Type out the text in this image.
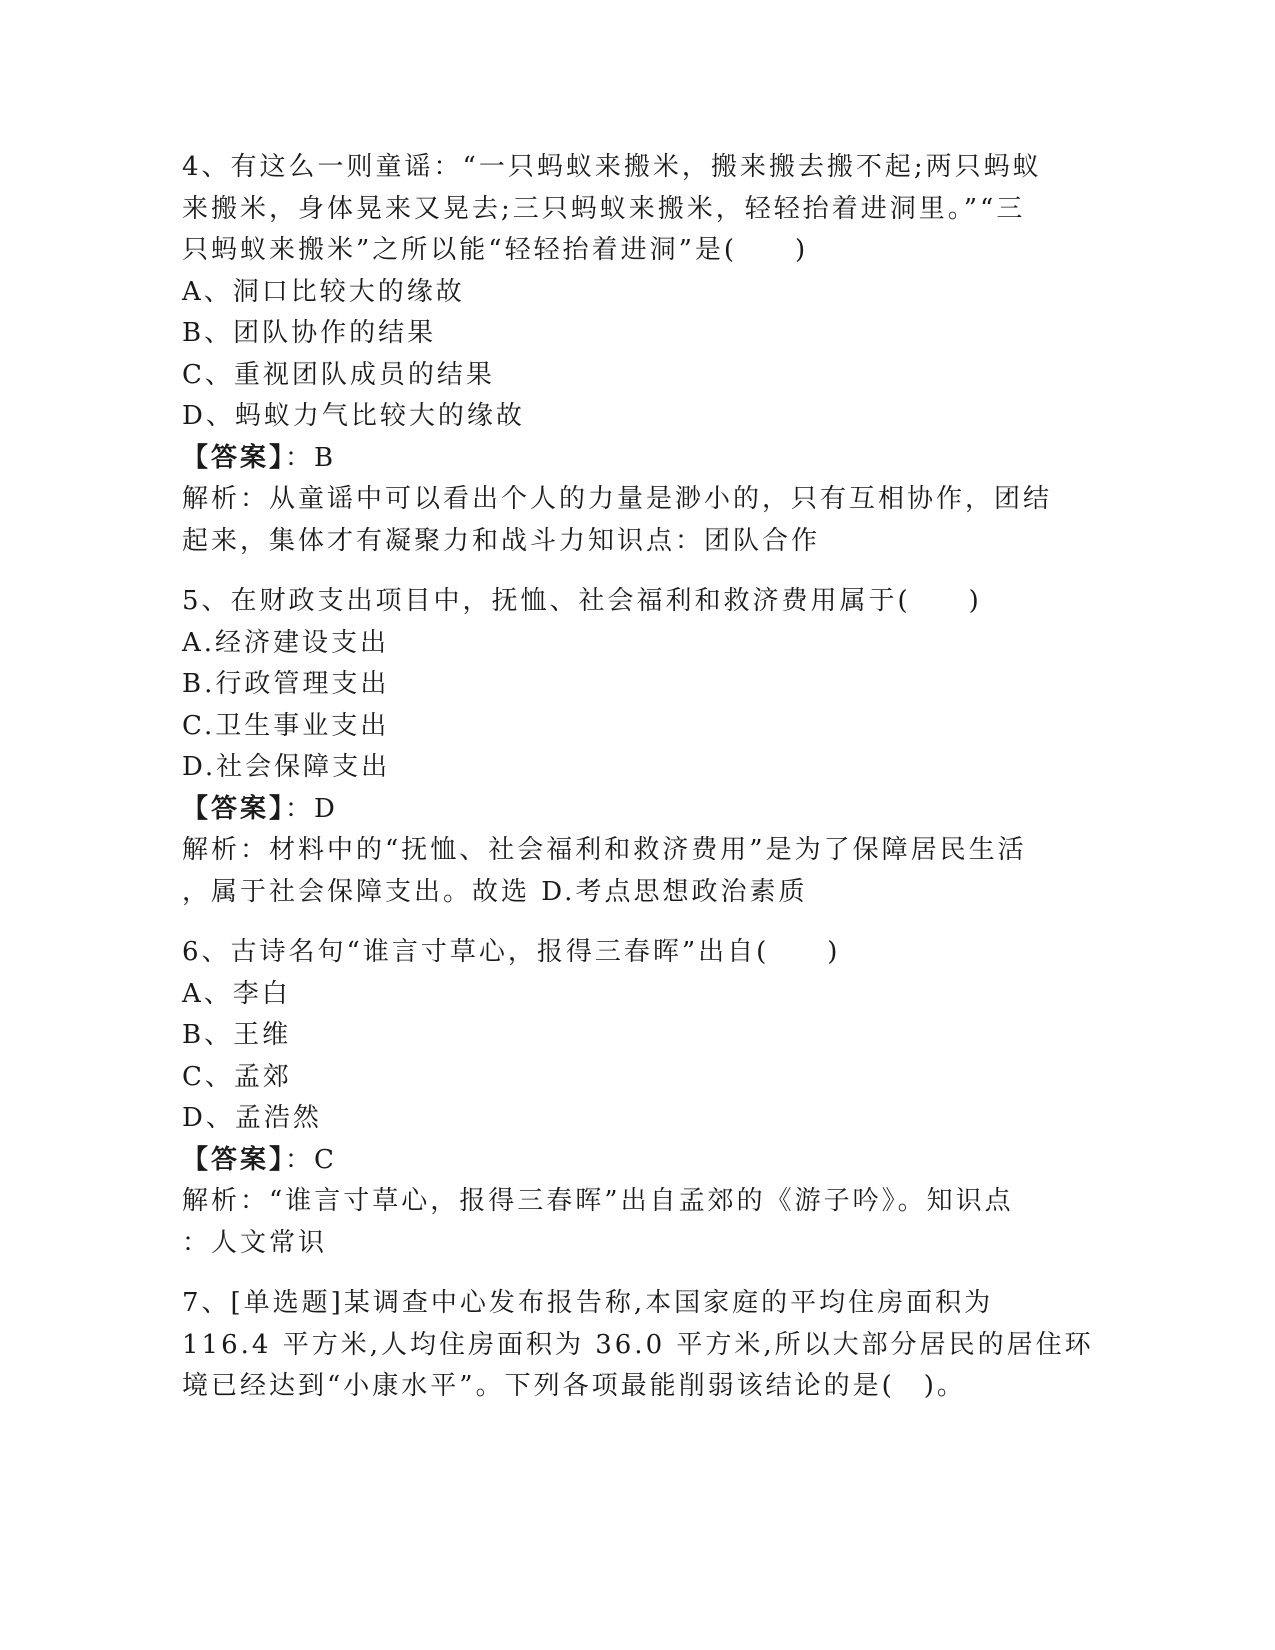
4、有这么一则童谣：“一只蚂蚁来搬米，搬来搬去搬不起;两只蚂蚁
来搬米，身体晃来又晃去;三只蚂蚁来搬米，轻轻抬着进洞里。”“三
只蚂蚁来搬米”之所以能“轻轻抬着进洞”是(　　)
A、洞口比较大的缘故
B、团队协作的结果
C、重视团队成员的结果
D、蚂蚁力气比较大的缘故
【答案】：B
解析：从童谣中可以看出个人的力量是渺小的，只有互相协作，团结
起来，集体才有凝聚力和战斗力知识点：团队合作
5、在财政支出项目中，抚恤、社会福利和救济费用属于(　　)
A.经济建设支出
B.行政管理支出
C.卫生事业支出
D.社会保障支出
【答案】：D
解析：材料中的“抚恤、社会福利和救济费用”是为了保障居民生活
，属于社会保障支出。故选 D.考点思想政治素质
6、古诗名句“谁言寸草心，报得三春晖”出自(　　)
A、李白
B、王维
C、孟郊
D、孟浩然
【答案】：C
解析：“谁言寸草心，报得三春晖”出自孟郊的《游子吟》。知识点
：人文常识
7、[单选题]某调查中心发布报告称,本国家庭的平均住房面积为
116.4 平方米,人均住房面积为 36.0 平方米,所以大部分居民的居住环
境已经达到“小康水平”。下列各项最能削弱该结论的是(　)。
